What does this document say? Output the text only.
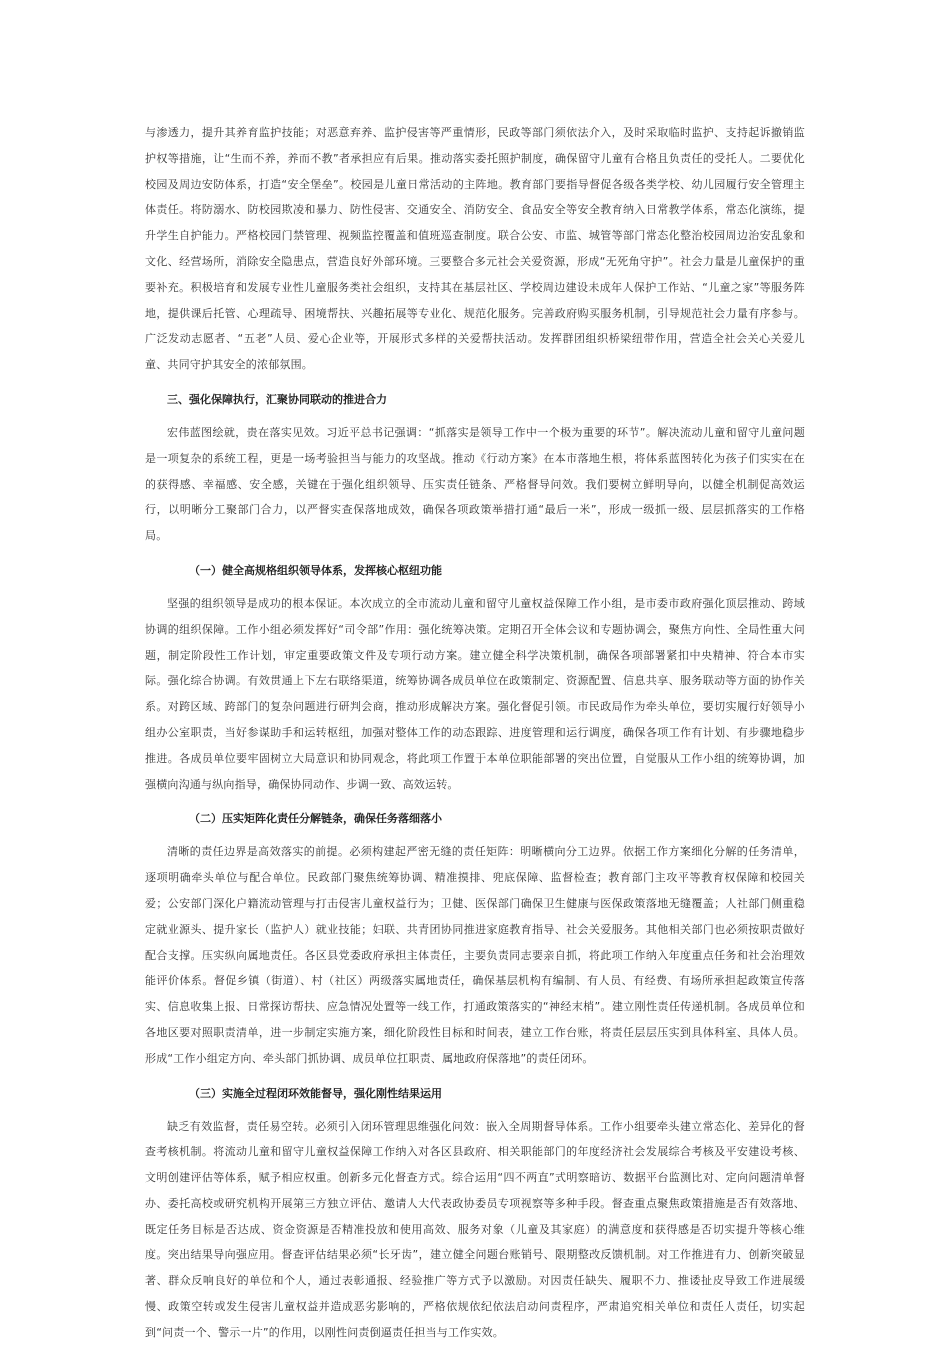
与渗透力，提升其养育监护技能；对恶意弃养、监护侵害等严重情形，民政等部门须依法介入，及时采取临时监护、支持起诉撤销监护权等措施，让“生而不养，养而不教”者承担应有后果。推动落实委托照护制度，确保留守儿童有合格且负责任的受托人。二要优化校园及周边安防体系，打造“安全堡垒”。校园是儿童日常活动的主阵地。教育部门要指导督促各级各类学校、幼儿园履行安全管理主体责任。将防溺水、防校园欺凌和暴力、防性侵害、交通安全、消防安全、食品安全等安全教育纳入日常教学体系，常态化演练，提升学生自护能力。严格校园门禁管理、视频监控覆盖和值班巡查制度。联合公安、市监、城管等部门常态化整治校园周边治安乱象和文化、经营场所，消除安全隐患点，营造良好外部环境。三要整合多元社会关爱资源，形成“无死角守护”。社会力量是儿童保护的重要补充。积极培育和发展专业性儿童服务类社会组织，支持其在基层社区、学校周边建设未成年人保护工作站、“儿童之家”等服务阵地，提供课后托管、心理疏导、困境帮扶、兴趣拓展等专业化、规范化服务。完善政府购买服务机制，引导规范社会力量有序参与。广泛发动志愿者、“五老”人员、爱心企业等，开展形式多样的关爱帮扶活动。发挥群团组织桥梁纽带作用，营造全社会关心关爱儿童、共同守护其安全的浓郁氛围。

三、强化保障执行，汇聚协同联动的推进合力

宏伟蓝图绘就，贵在落实见效。习近平总书记强调：“抓落实是领导工作中一个极为重要的环节”。解决流动儿童和留守儿童问题是一项复杂的系统工程，更是一场考验担当与能力的攻坚战。推动《行动方案》在本市落地生根，将体系蓝图转化为孩子们实实在在的获得感、幸福感、安全感，关键在于强化组织领导、压实责任链条、严格督导问效。我们要树立鲜明导向，以健全机制促高效运行，以明晰分工聚部门合力，以严督实查保落地成效，确保各项政策举措打通“最后一米”，形成一级抓一级、层层抓落实的工作格局。

（一）健全高规格组织领导体系，发挥核心枢纽功能

坚强的组织领导是成功的根本保证。本次成立的全市流动儿童和留守儿童权益保障工作小组，是市委市政府强化顶层推动、跨域协调的组织保障。工作小组必须发挥好“司令部”作用：强化统筹决策。定期召开全体会议和专题协调会，聚焦方向性、全局性重大问题，制定阶段性工作计划，审定重要政策文件及专项行动方案。建立健全科学决策机制，确保各项部署紧扣中央精神、符合本市实际。强化综合协调。有效贯通上下左右联络渠道，统筹协调各成员单位在政策制定、资源配置、信息共享、服务联动等方面的协作关系。对跨区域、跨部门的复杂问题进行研判会商，推动形成解决方案。强化督促引领。市民政局作为牵头单位，要切实履行好领导小组办公室职责，当好参谋助手和运转枢纽，加强对整体工作的动态跟踪、进度管理和运行调度，确保各项工作有计划、有步骤地稳步推进。各成员单位要牢固树立大局意识和协同观念，将此项工作置于本单位职能部署的突出位置，自觉服从工作小组的统筹协调，加强横向沟通与纵向指导，确保协同动作、步调一致、高效运转。

（二）压实矩阵化责任分解链条，确保任务落细落小

清晰的责任边界是高效落实的前提。必须构建起严密无缝的责任矩阵：明晰横向分工边界。依据工作方案细化分解的任务清单，逐项明确牵头单位与配合单位。民政部门聚焦统筹协调、精准摸排、兜底保障、监督检查；教育部门主攻平等教育权保障和校园关爱；公安部门深化户籍流动管理与打击侵害儿童权益行为；卫健、医保部门确保卫生健康与医保政策落地无缝覆盖；人社部门侧重稳定就业源头、提升家长（监护人）就业技能；妇联、共青团协同推进家庭教育指导、社会关爱服务。其他相关部门也必须按职责做好配合支撑。压实纵向属地责任。各区县党委政府承担主体责任，主要负责同志要亲自抓，将此项工作纳入年度重点任务和社会治理效能评价体系。督促乡镇（街道）、村（社区）两级落实属地责任，确保基层机构有编制、有人员、有经费、有场所承担起政策宣传落实、信息收集上报、日常探访帮扶、应急情况处置等一线工作，打通政策落实的“神经末梢”。建立刚性责任传递机制。各成员单位和各地区要对照职责清单，进一步制定实施方案，细化阶段性目标和时间表，建立工作台账，将责任层层压实到具体科室、具体人员。形成“工作小组定方向、牵头部门抓协调、成员单位扛职责、属地政府保落地”的责任闭环。

（三）实施全过程闭环效能督导，强化刚性结果运用

缺乏有效监督，责任易空转。必须引入闭环管理思维强化问效：嵌入全周期督导体系。工作小组要牵头建立常态化、差异化的督查考核机制。将流动儿童和留守儿童权益保障工作纳入对各区县政府、相关职能部门的年度经济社会发展综合考核及平安建设考核、文明创建评估等体系，赋予相应权重。创新多元化督查方式。综合运用“四不两直”式明察暗访、数据平台监测比对、定向问题清单督办、委托高校或研究机构开展第三方独立评估、邀请人大代表政协委员专项视察等多种手段。督查重点聚焦政策措施是否有效落地、既定任务目标是否达成、资金资源是否精准投放和使用高效、服务对象（儿童及其家庭）的满意度和获得感是否切实提升等核心维度。突出结果导向强应用。督查评估结果必须“长牙齿”，建立健全问题台账销号、限期整改反馈机制。对工作推进有力、创新突破显著、群众反响良好的单位和个人，通过表彰通报、经验推广等方式予以激励。对因责任缺失、履职不力、推诿扯皮导致工作进展缓慢、政策空转或发生侵害儿童权益并造成恶劣影响的，严格依规依纪依法启动问责程序，严肃追究相关单位和责任人责任，切实起到“问责一个、警示一片”的作用，以刚性问责倒逼责任担当与工作实效。
